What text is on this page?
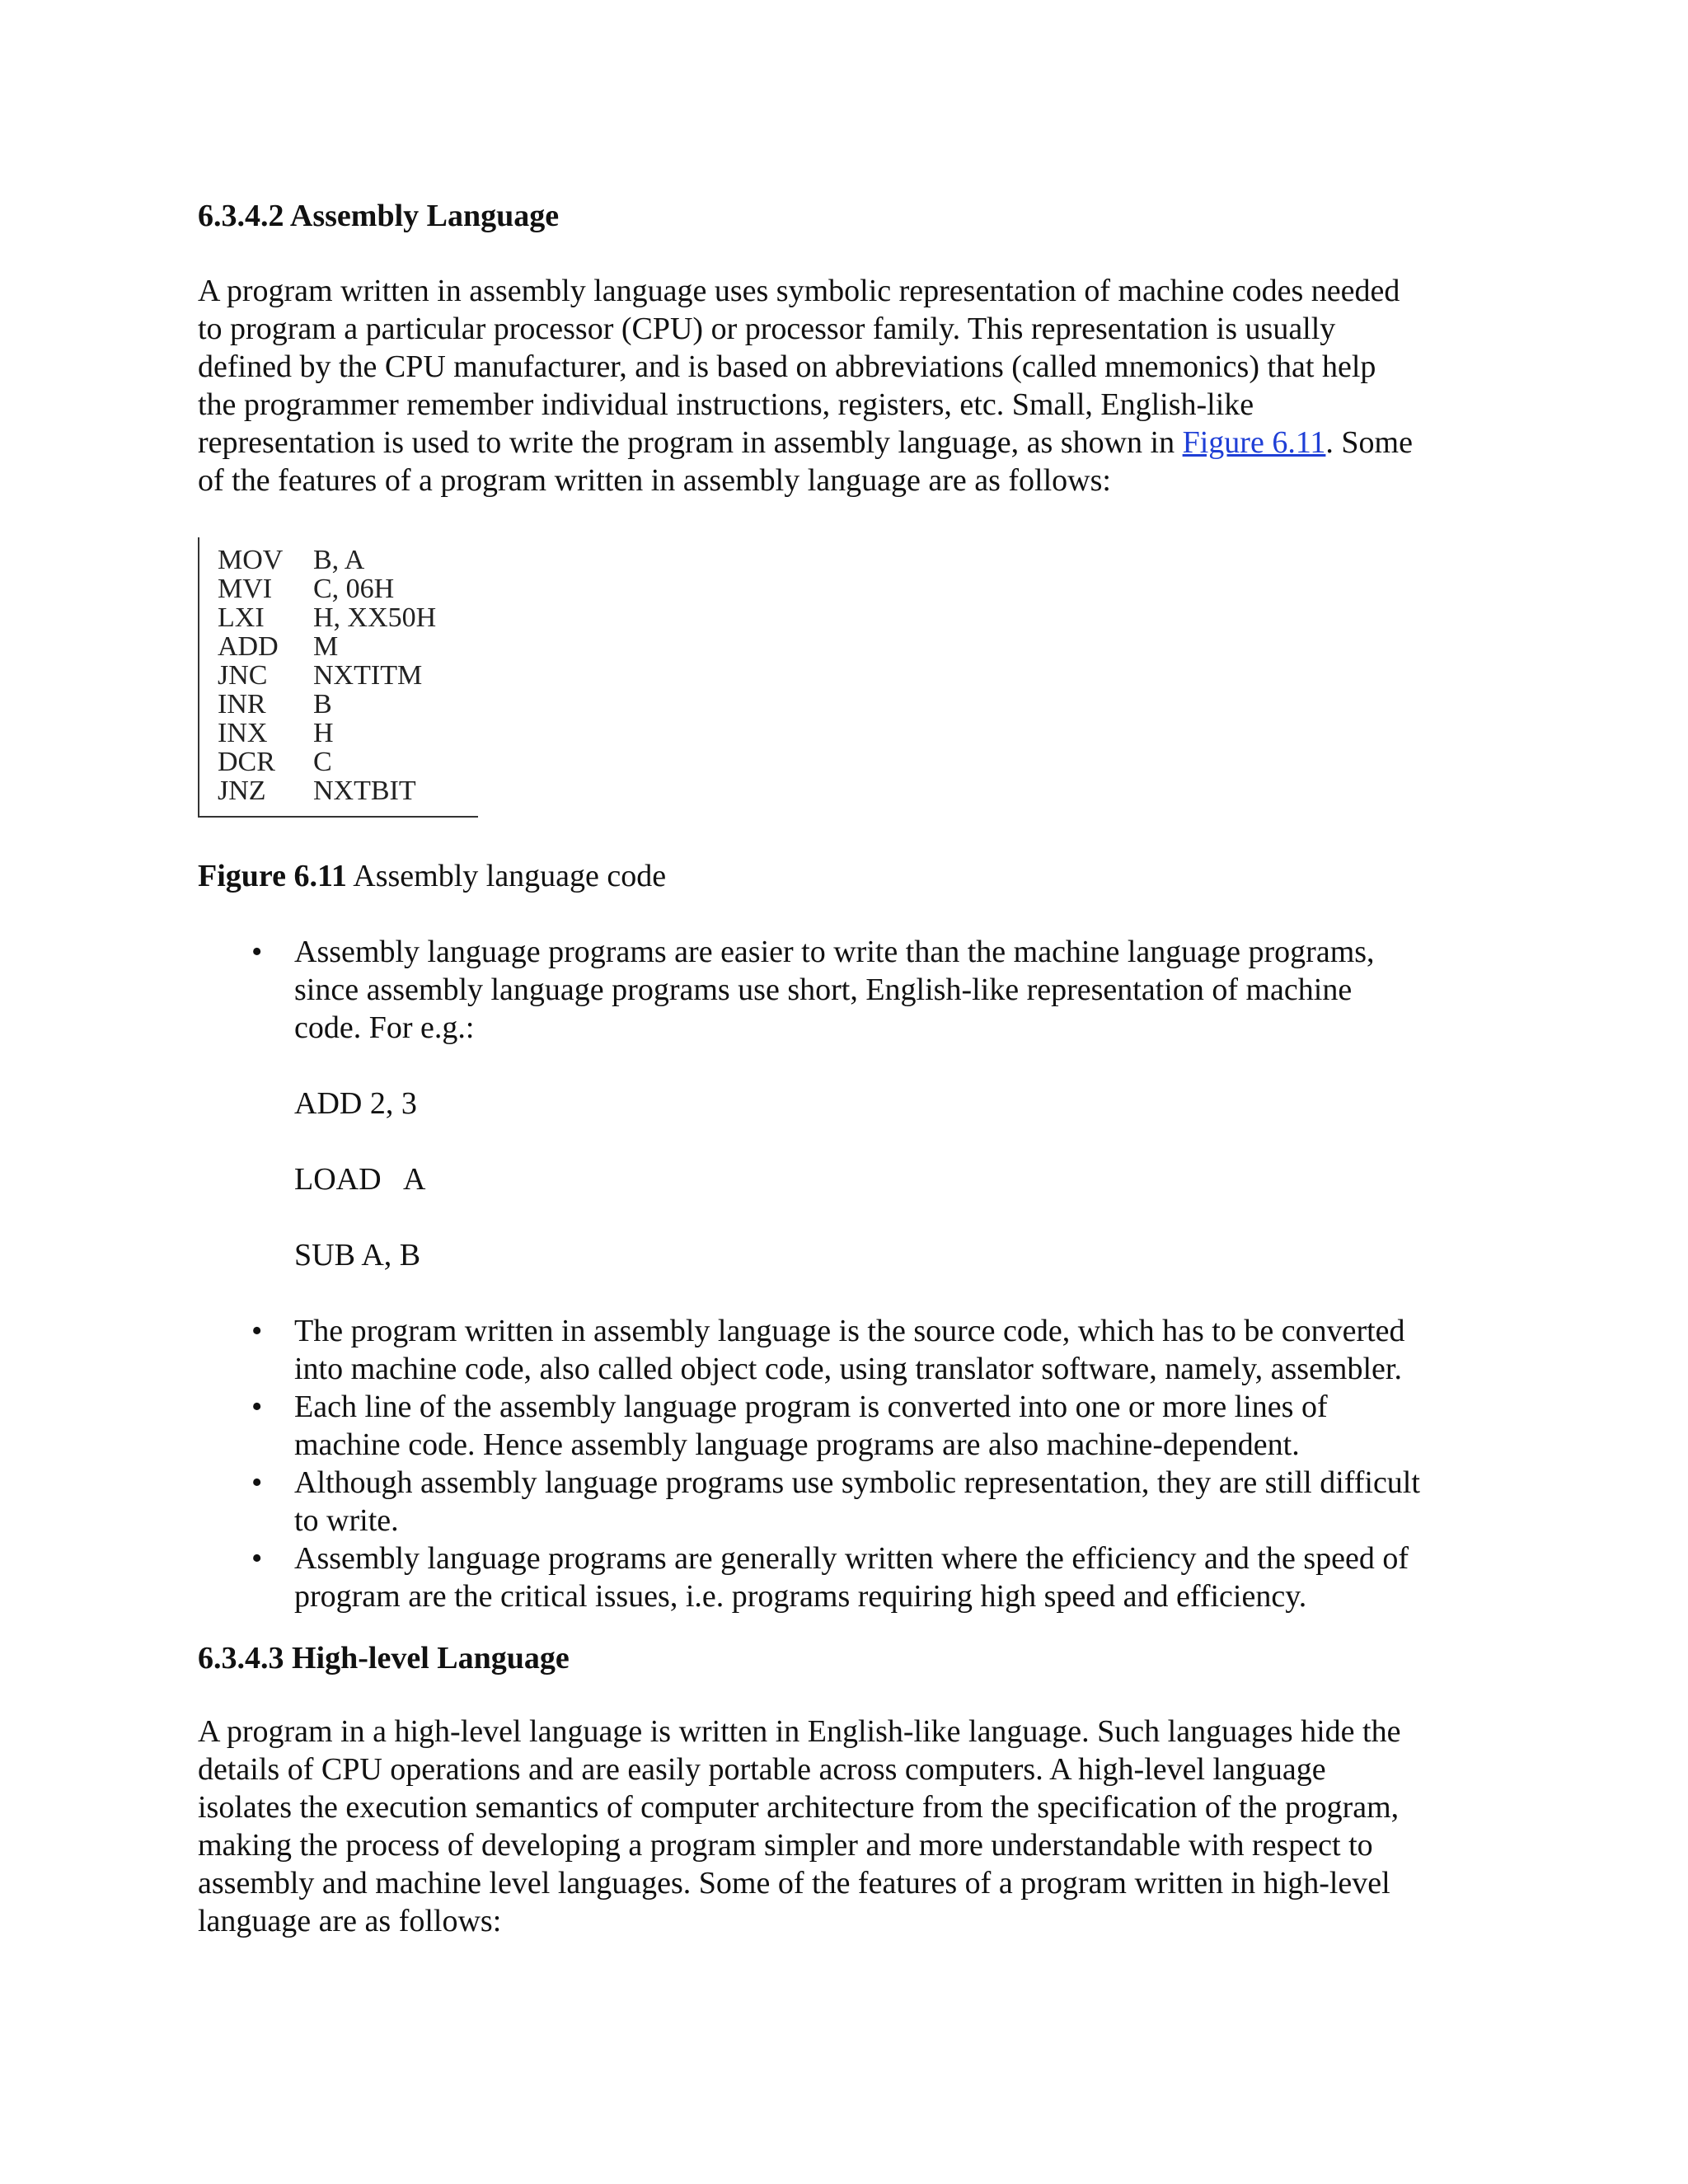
6.3.4.2 Assembly Language
A program written in assembly language uses symbolic representation of machine codes needed
to program a particular processor (CPU) or processor family. This representation is usually
defined by the CPU manufacturer, and is based on abbreviations (called mnemonics) that help
the programmer remember individual instructions, registers, etc. Small, English-like
representation is used to write the program in assembly language, as shown in Figure 6.11. Some
of the features of a program written in assembly language are as follows:
MOV	B, A
MVI	C, 06H
LXI	H, XX50H
ADD	M
JNC	NXTITM
INR	B
INX	H
DCR	C
JNZ	NXTBIT
Figure 6.11 Assembly language code
• Assembly language programs are easier to write than the machine language programs,
since assembly language programs use short, English-like representation of machine
code. For e.g.:
ADD 2, 3
LOAD   A
SUB A, B
• The program written in assembly language is the source code, which has to be converted
into machine code, also called object code, using translator software, namely, assembler.
• Each line of the assembly language program is converted into one or more lines of
machine code. Hence assembly language programs are also machine-dependent.
• Although assembly language programs use symbolic representation, they are still difficult
to write.
• Assembly language programs are generally written where the efficiency and the speed of
program are the critical issues, i.e. programs requiring high speed and efficiency.
6.3.4.3 High-level Language
A program in a high-level language is written in English-like language. Such languages hide the
details of CPU operations and are easily portable across computers. A high-level language
isolates the execution semantics of computer architecture from the specification of the program,
making the process of developing a program simpler and more understandable with respect to
assembly and machine level languages. Some of the features of a program written in high-level
language are as follows:
